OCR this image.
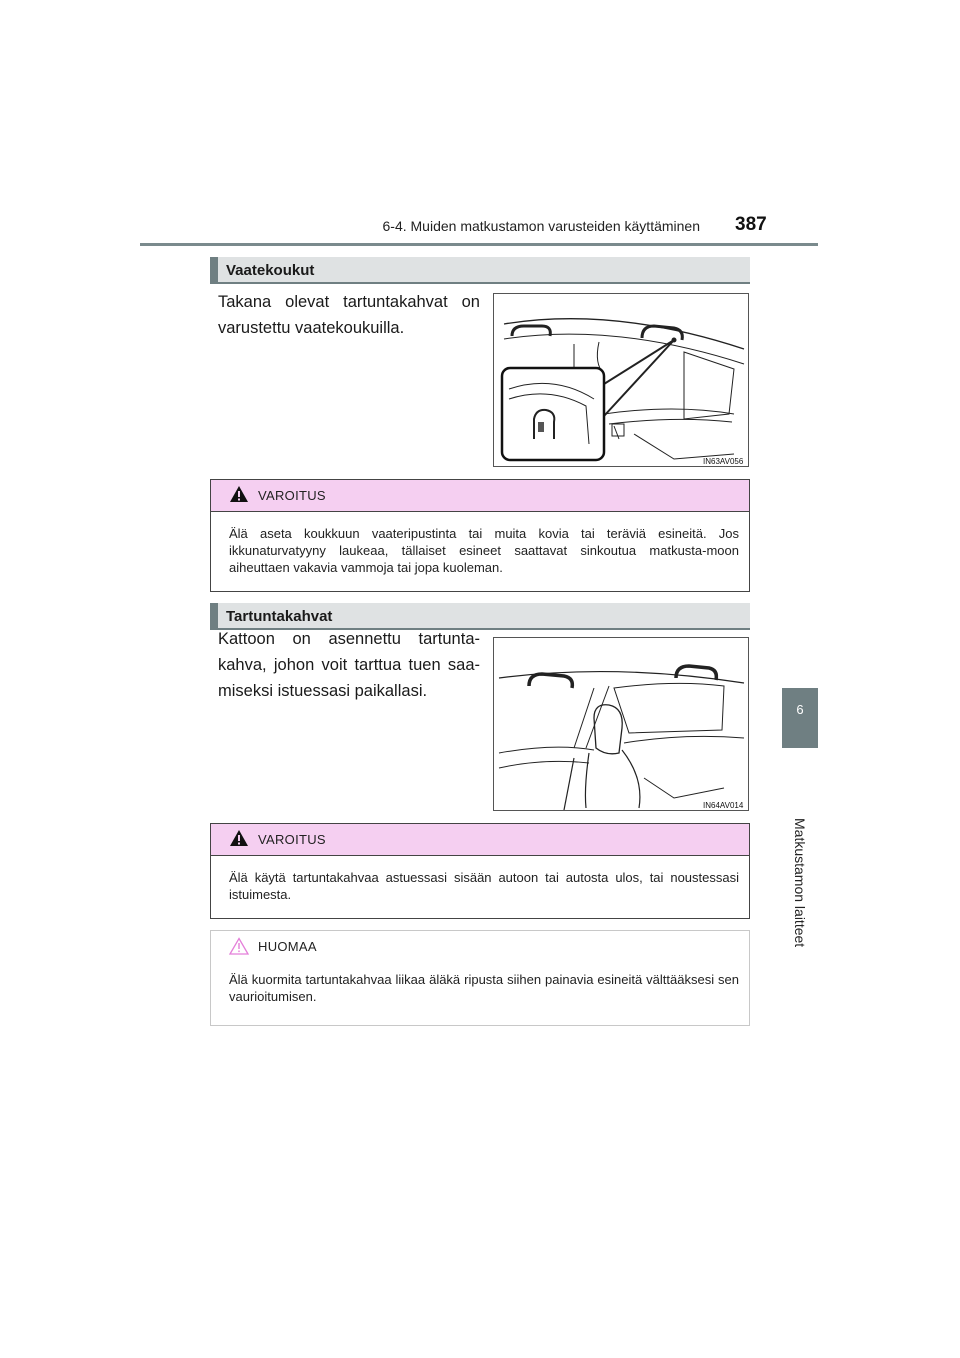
6-4. Muiden matkustamon varusteiden käyttäminen 387
6
Matkustamon laitteet
Vaatekoukut
Takana olevat tartuntakahvat on varustettu vaatekoukuilla.
IN63AV056
VAROITUS
Älä aseta koukkuun vaateripustinta tai muita kovia tai teräviä esineitä. Jos ikkunaturvatyyny laukeaa, tällaiset esineet saattavat sinkoutua matkusta-moon aiheuttaen vakavia vammoja tai jopa kuoleman.
Tartuntakahvat
Kattoon on asennettu tartunta-kahva, johon voit tarttua tuen saa-miseksi istuessasi paikallasi.
IN64AV014
VAROITUS
Älä käytä tartuntakahvaa astuessasi sisään autoon tai autosta ulos, tai noustessasi istuimesta.
HUOMAA
Älä kuormita tartuntakahvaa liikaa äläkä ripusta siihen painavia esineitä välttääksesi sen vaurioitumisen.
